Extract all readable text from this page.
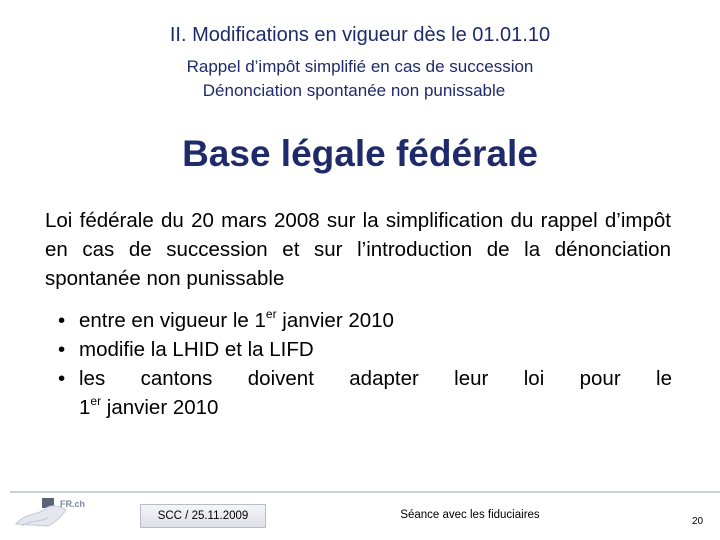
II. Modifications en vigueur dès le 01.01.10
Rappel d’impôt simplifié en cas de succession
Dénonciation spontanée non punissable
Base légale fédérale
Loi fédérale du 20 mars 2008 sur la simplification du rappel d’impôt en cas de succession et sur l’introduction de la dénonciation spontanée non punissable
• entre en vigueur le 1er janvier 2010
• modifie la LHID et la LIFD
• les cantons doivent adapter leur loi pour le
1er janvier 2010
FR.ch
SCC / 25.11.2009	Séance avec les fiduciaires
20
